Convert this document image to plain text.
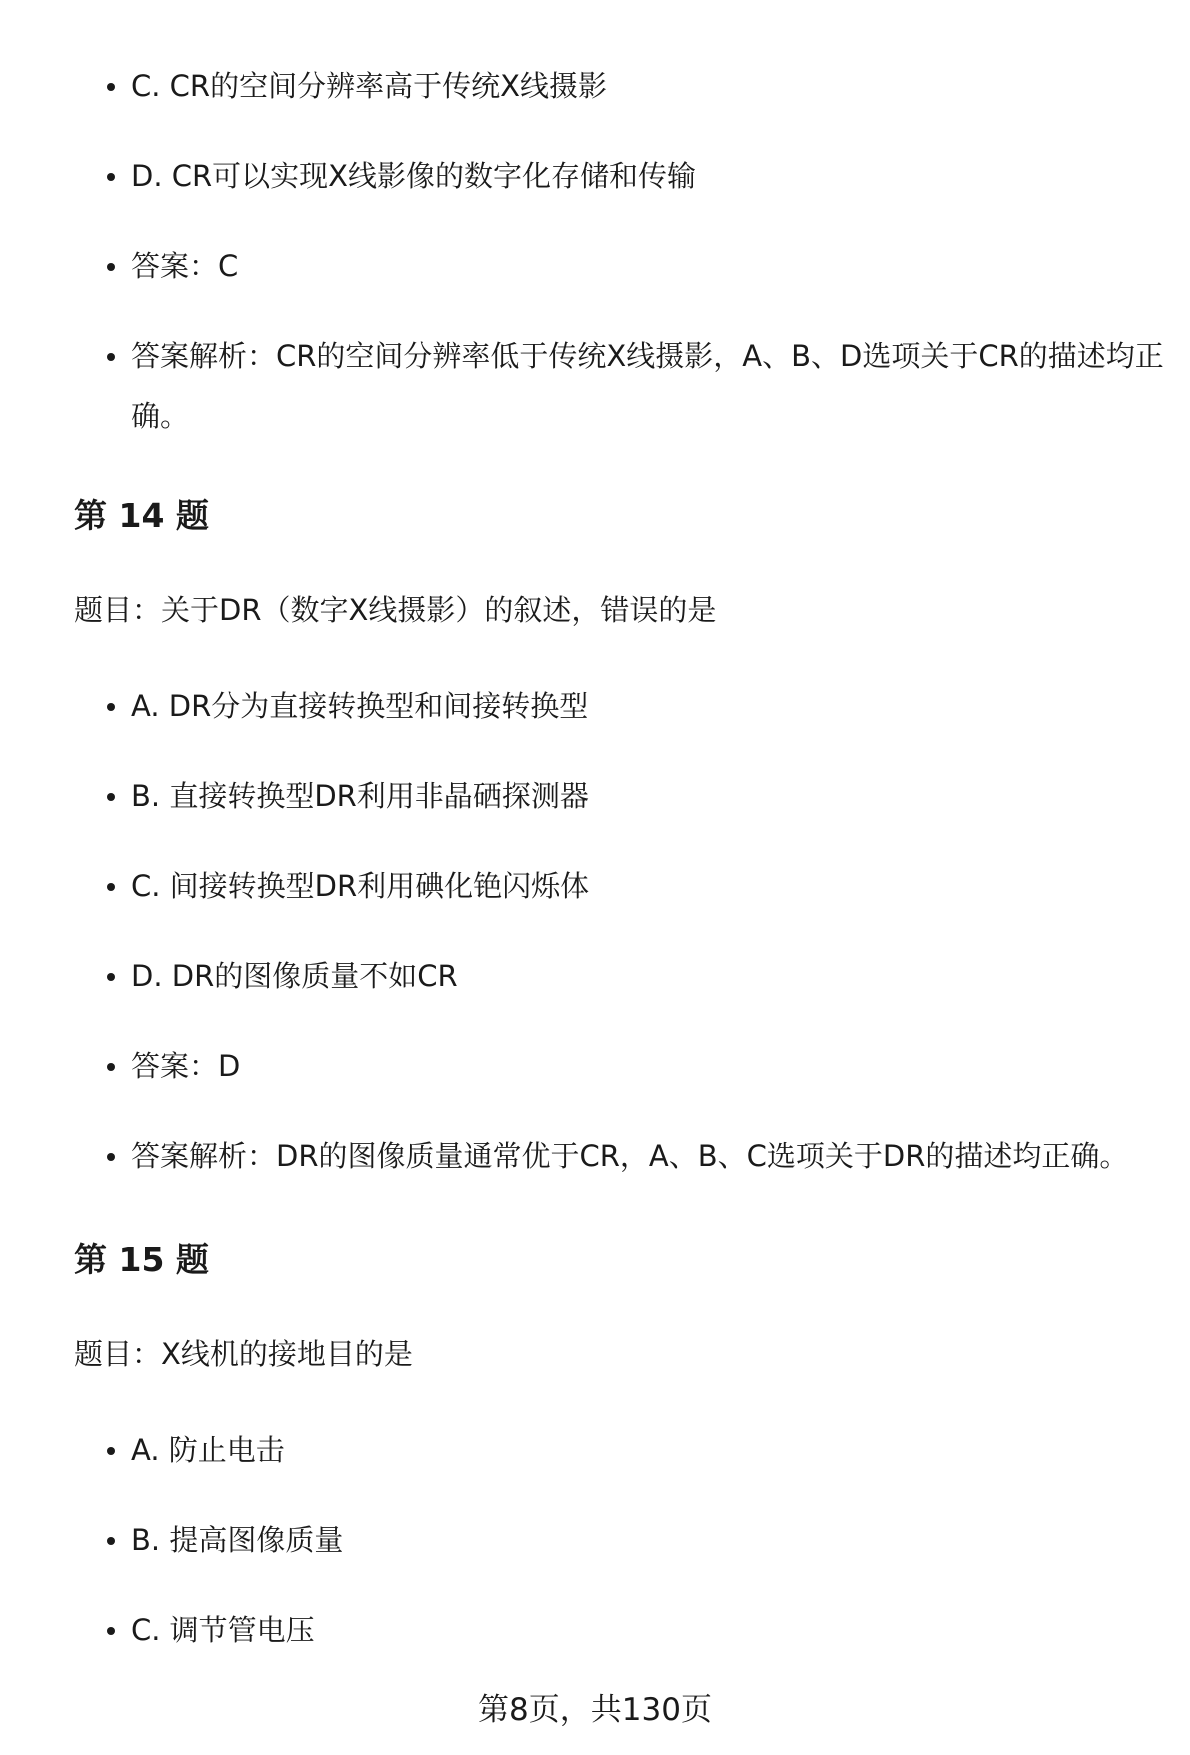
C. CR的空间分辨率高于传统X线摄影
D. CR可以实现X线影像的数字化存储和传输
答案：C
答案解析：CR的空间分辨率低于传统X线摄影，A、B、D选项关于CR的描述均正确。
第 14 题

题目：关于DR（数字X线摄影）的叙述，错误的是

A. DR分为直接转换型和间接转换型
B. 直接转换型DR利用非晶硒探测器
C. 间接转换型DR利用碘化铯闪烁体
D. DR的图像质量不如CR
答案：D
答案解析：DR的图像质量通常优于CR，A、B、C选项关于DR的描述均正确。
第 15 题

题目：X线机的接地目的是

A. 防止电击
B. 提高图像质量
C. 调节管电压
第8页，共130页
